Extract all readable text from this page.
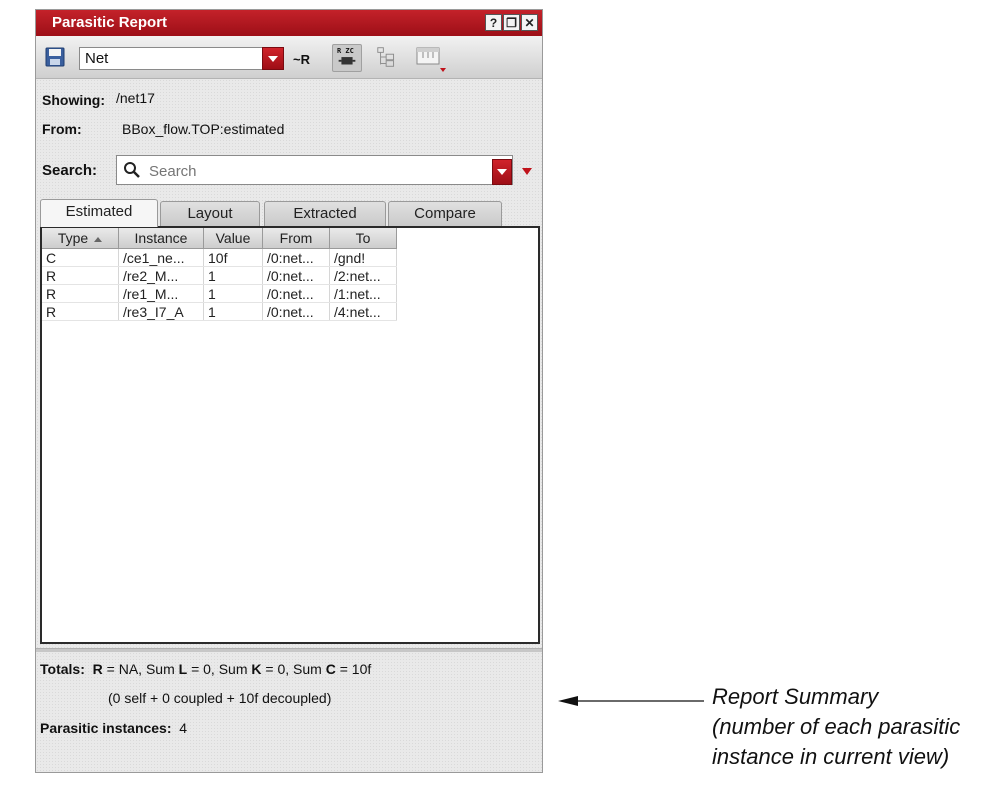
Parasitic Report	? ❐ ✕
Net	~R
R ZC
Showing: /net17
From:	BBox_flow.TOP:estimated
Search:
Search
Estimated	Layout	Extracted	Compare
Type	Instance	Value	From	To
C	/ce1_ne...	10f	/0:net...	/gnd!
R	/re2_M...	1	/0:net...	/2:net...
R	/re1_M...	1	/0:net...	/1:net...
R	/re3_I7_A	1	/0:net...	/4:net...
Totals: R = NA, Sum L = 0, Sum K = 0, Sum C = 10f
(0 self + 0 coupled + 10f decoupled)
Parasitic instances: 4
Report Summary
(number of each parasitic
instance in current view)
